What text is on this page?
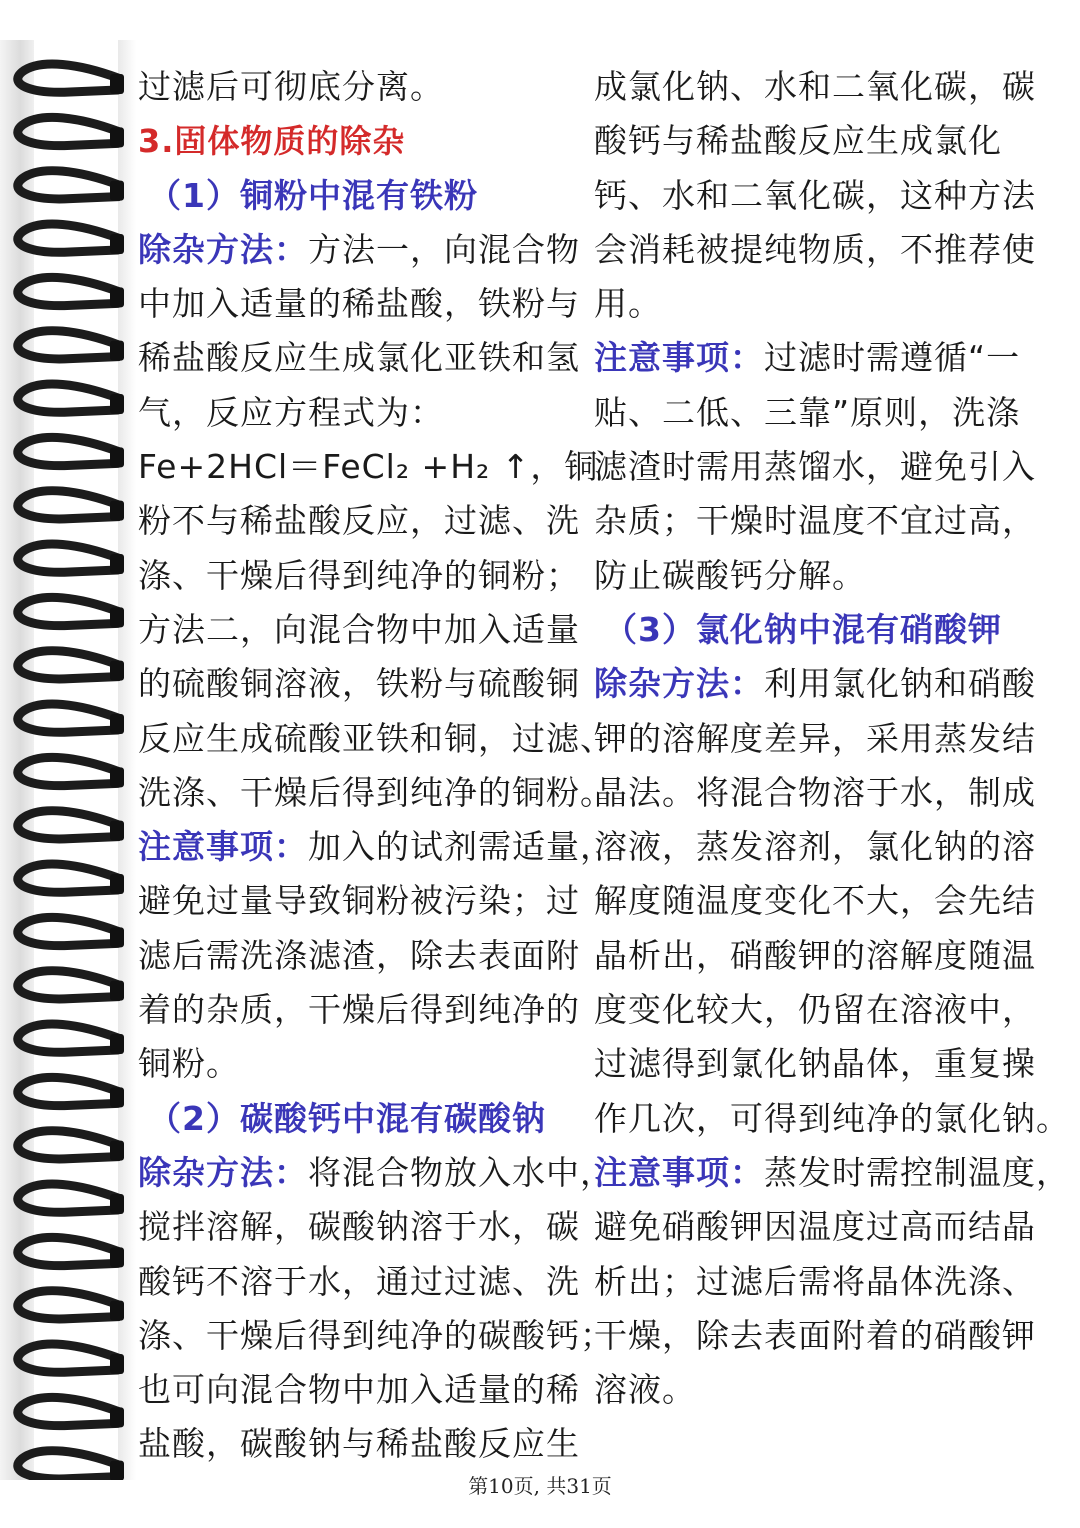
过滤后可彻底分离。
3.固体物质的除杂
（1）铜粉中混有铁粉
除杂方法：方法一，向混合物
中加入适量的稀盐酸，铁粉与
稀盐酸反应生成氯化亚铁和氢
气，反应方程式为：
Fe+2HCl＝FeCl₂ +H₂ ↑，铜
粉不与稀盐酸反应，过滤、洗
涤、干燥后得到纯净的铜粉；
方法二，向混合物中加入适量
的硫酸铜溶液，铁粉与硫酸铜
反应生成硫酸亚铁和铜，过滤、
洗涤、干燥后得到纯净的铜粉。
注意事项：加入的试剂需适量，
避免过量导致铜粉被污染；过
滤后需洗涤滤渣，除去表面附
着的杂质，干燥后得到纯净的
铜粉。
（2）碳酸钙中混有碳酸钠
除杂方法：将混合物放入水中，
搅拌溶解，碳酸钠溶于水，碳
酸钙不溶于水，通过过滤、洗
涤、干燥后得到纯净的碳酸钙；
也可向混合物中加入适量的稀
盐酸，碳酸钠与稀盐酸反应生
成氯化钠、水和二氧化碳，碳
酸钙与稀盐酸反应生成氯化
钙、水和二氧化碳，这种方法
会消耗被提纯物质，不推荐使
用。
注意事项：过滤时需遵循“一
贴、二低、三靠”原则，洗涤
滤渣时需用蒸馏水，避免引入
杂质；干燥时温度不宜过高，
防止碳酸钙分解。
（3）氯化钠中混有硝酸钾
除杂方法：利用氯化钠和硝酸
钾的溶解度差异，采用蒸发结
晶法。将混合物溶于水，制成
溶液，蒸发溶剂，氯化钠的溶
解度随温度变化不大，会先结
晶析出，硝酸钾的溶解度随温
度变化较大，仍留在溶液中，
过滤得到氯化钠晶体，重复操
作几次，可得到纯净的氯化钠。
注意事项：蒸发时需控制温度，
避免硝酸钾因温度过高而结晶
析出；过滤后需将晶体洗涤、
干燥，除去表面附着的硝酸钾
溶液。
第10页, 共31页
